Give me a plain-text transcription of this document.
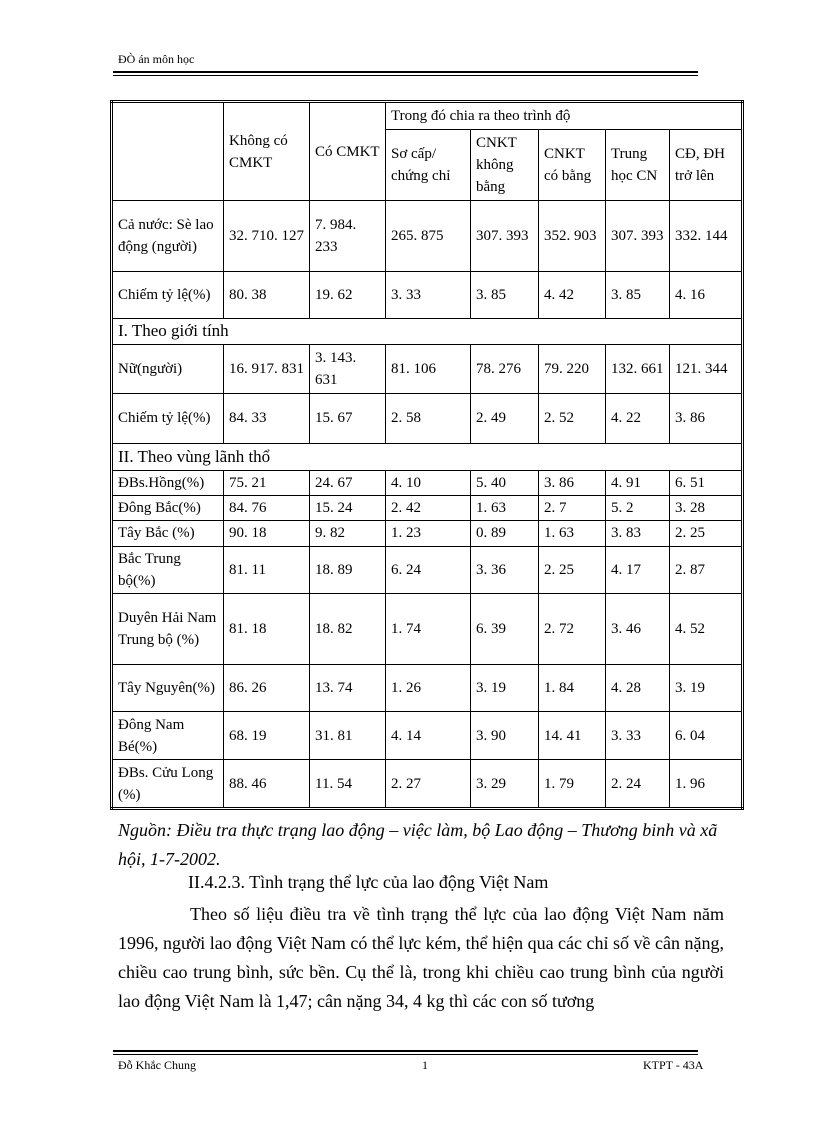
ĐÒ án môn học
	Không có CMKT	Có CMKT	Trong đó chia ra theo trình độ				
			Sơ cấp/ chứng chỉ	CNKT không bằng	CNKT có bằng	Trung học CN	CĐ, ĐH trở lên
Cả nước: Sè lao động (người)	32. 710. 127	7. 984. 233	265. 875	307. 393	352. 903	307. 393	332. 144
Chiếm tỷ lệ(%)	80. 38	19. 62	3. 33	3. 85	4. 42	3. 85	4. 16
I. Theo giới tính							
Nữ(người)	16. 917. 831	3. 143. 631	81. 106	78. 276	79. 220	132. 661	121. 344
Chiếm tỷ lệ(%)	84. 33	15. 67	2. 58	2. 49	2. 52	4. 22	3. 86
II. Theo vùng lãnh thổ							
ĐBs.Hồng(%)	75. 21	24. 67	4. 10	5. 40	3. 86	4. 91	6. 51
Đông Bắc(%)	84. 76	15. 24	2. 42	1. 63	2. 7	5. 2	3. 28
Tây Bắc (%)	90. 18	9. 82	1. 23	0. 89	1. 63	3. 83	2. 25
Bắc Trung bộ(%)	81. 11	18. 89	6. 24	3. 36	2. 25	4. 17	2. 87
Duyên Hải Nam Trung bộ (%)	81. 18	18. 82	1. 74	6. 39	2. 72	3. 46	4. 52
Tây Nguyên(%)	86. 26	13. 74	1. 26	3. 19	1. 84	4. 28	3. 19
Đông Nam Bé(%)	68. 19	31. 81	4. 14	3. 90	14. 41	3. 33	6. 04
ĐBs. Cửu Long (%)	88. 46	11. 54	2. 27	3. 29	1. 79	2. 24	1. 96
Nguồn: Điều tra thực trạng lao động – việc làm, bộ Lao động – Thương binh và xã hội, 1-7-2002.
II.4.2.3. Tình trạng thể lực của lao động Việt Nam

Theo số liệu điều tra về tình trạng thể lực của lao động Việt Nam năm 1996, người lao động Việt Nam có thể lực kém, thể hiện qua các chỉ số về cân nặng, chiều cao trung bình, sức bền. Cụ thể là, trong khi chiều cao trung bình của người lao động Việt Nam là 1,47; cân nặng 34, 4 kg thì các con số tương

Đỗ Khắc Chung	1	KTPT - 43A
